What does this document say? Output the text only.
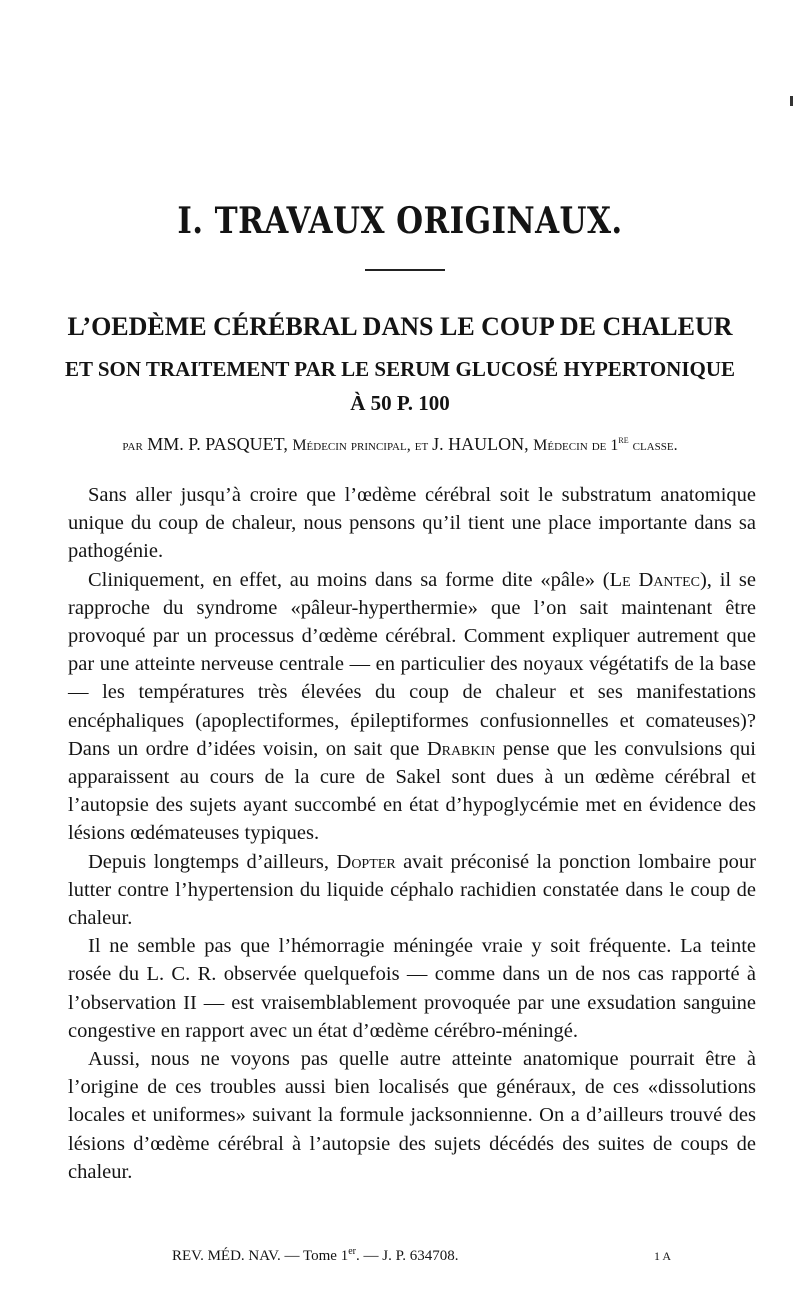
I. TRAVAUX ORIGINAUX.
L’OEDÈME CÉRÉBRAL DANS LE COUP DE CHALEUR
ET SON TRAITEMENT PAR LE SERUM GLUCOSÉ HYPERTONIQUE
À 50 P. 100
par MM. P. PASQUET, Médecin principal, et J. HAULON, Médecin de 1re classe.

Sans aller jusqu’à croire que l’œdème cérébral soit le substratum anatomique unique du coup de chaleur, nous pensons qu’il tient une place importante dans sa pathogénie.

Cliniquement, en effet, au moins dans sa forme dite «pâle» (Le Dantec), il se rapproche du syndrome «pâleur-hyperthermie» que l’on sait maintenant être provoqué par un processus d’œdème cérébral. Comment expliquer autrement que par une atteinte nerveuse centrale — en particulier des noyaux végétatifs de la base — les températures très élevées du coup de chaleur et ses manifestations encéphaliques (apoplectiformes, épileptiformes confusionnelles et comateuses)? Dans un ordre d’idées voisin, on sait que Drabkin pense que les convulsions qui apparaissent au cours de la cure de Sakel sont dues à un œdème cérébral et l’autopsie des sujets ayant succombé en état d’hypoglycémie met en évidence des lésions œdémateuses typiques.

Depuis longtemps d’ailleurs, Dopter avait préconisé la ponction lombaire pour lutter contre l’hypertension du liquide céphalo rachidien constatée dans le coup de chaleur.

Il ne semble pas que l’hémorragie méningée vraie y soit fréquente. La teinte rosée du L. C. R. observée quelquefois — comme dans un de nos cas rapporté à l’observation II — est vraisemblablement provoquée par une exsudation sanguine congestive en rapport avec un état d’œdème cérébro-méningé.

Aussi, nous ne voyons pas quelle autre atteinte anatomique pourrait être à l’origine de ces troubles aussi bien localisés que généraux, de ces «dissolutions locales et uniformes» suivant la formule jacksonnienne. On a d’ailleurs trouvé des lésions d’œdème cérébral à l’autopsie des sujets décédés des suites de coups de chaleur.

REV. MÉD. NAV. — Tome 1er. — J. P. 634708.	1 A
